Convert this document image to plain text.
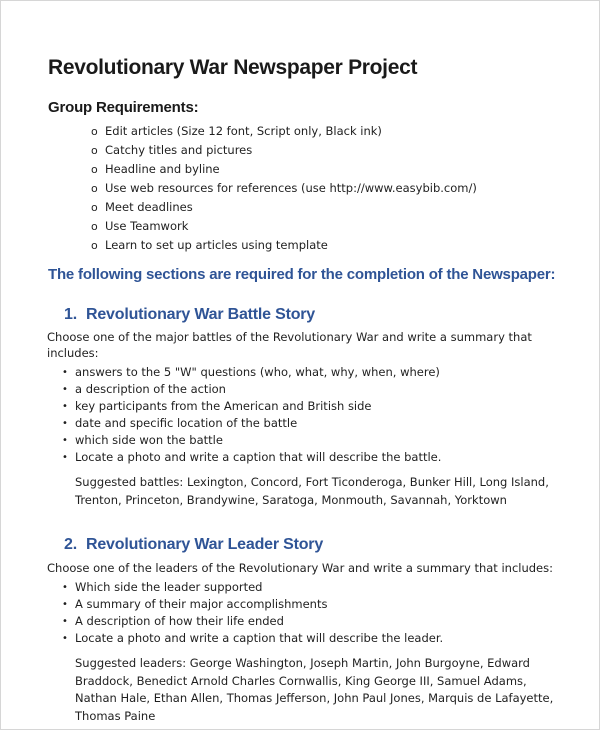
Revolutionary War Newspaper Project
Group Requirements:
o Edit articles (Size 12 font, Script only, Black ink)
o Catchy titles and pictures
o Headline and byline
o Use web resources for references (use http://www.easybib.com/)
o Meet deadlines
o Use Teamwork
o Learn to set up articles using template
The following sections are required for the completion of the Newspaper:
1. Revolutionary War Battle Story

Choose one of the major battles of the Revolutionary War and write a summary that includes:

• answers to the 5 "W" questions (who, what, why, when, where)
• a description of the action
• key participants from the American and British side
• date and specific location of the battle
• which side won the battle
• Locate a photo and write a caption that will describe the battle.

Suggested battles: Lexington, Concord, Fort Ticonderoga, Bunker Hill, Long Island, Trenton, Princeton, Brandywine, Saratoga, Monmouth, Savannah, Yorktown

2. Revolutionary War Leader Story

Choose one of the leaders of the Revolutionary War and write a summary that includes:

• Which side the leader supported
• A summary of their major accomplishments
• A description of how their life ended
• Locate a photo and write a caption that will describe the leader.

Suggested leaders: George Washington, Joseph Martin, John Burgoyne, Edward Braddock, Benedict Arnold Charles Cornwallis, King George III, Samuel Adams, Nathan Hale, Ethan Allen, Thomas Jefferson, John Paul Jones, Marquis de Lafayette, Thomas Paine
